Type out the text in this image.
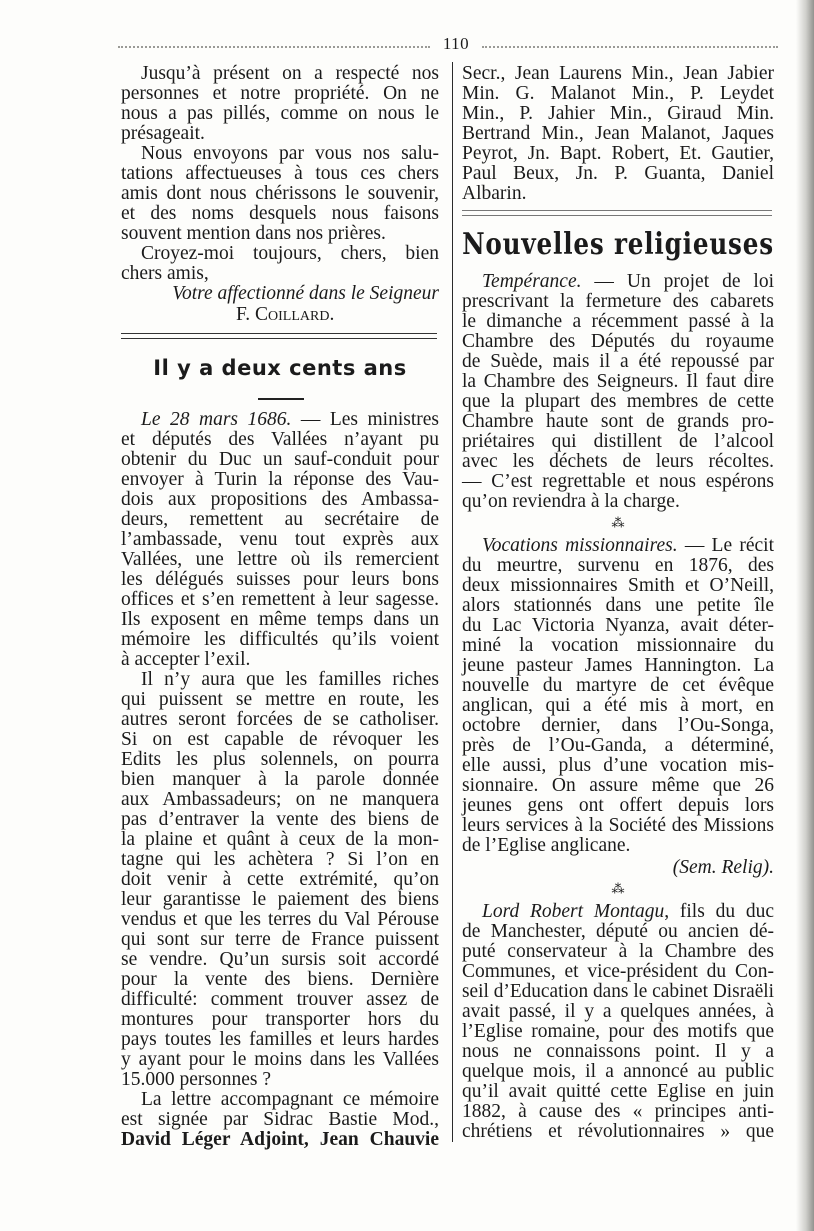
110
Jusqu’à présent on a respecté nos
personnes et notre propriété. On ne
nous a pas pillés, comme on nous le
présageait.
Nous envoyons par vous nos salu-
tations affectueuses à tous ces chers
amis dont nous chérissons le souvenir,
et des noms desquels nous faisons
souvent mention dans nos prières.
Croyez-moi toujours, chers, bien
chers amis,
Votre affectionné dans le Seigneur
F. Coillard.
Il y a deux cents ans
Le 28 mars 1686. — Les ministres
et députés des Vallées n’ayant pu
obtenir du Duc un sauf-conduit pour
envoyer à Turin la réponse des Vau-
dois aux propositions des Ambassa-
deurs, remettent au secrétaire de
l’ambassade, venu tout exprès aux
Vallées, une lettre où ils remercient
les délégués suisses pour leurs bons
offices et s’en remettent à leur sagesse.
Ils exposent en même temps dans un
mémoire les difficultés qu’ils voient
à accepter l’exil.
Il n’y aura que les familles riches
qui puissent se mettre en route, les
autres seront forcées de se catholiser.
Si on est capable de révoquer les
Edits les plus solennels, on pourra
bien manquer à la parole donnée
aux Ambassadeurs; on ne manquera
pas d’entraver la vente des biens de
la plaine et quânt à ceux de la mon-
tagne qui les achètera ? Si l’on en
doit venir à cette extrémité, qu’on
leur garantisse le paiement des biens
vendus et que les terres du Val Pérouse
qui sont sur terre de France puissent
se vendre. Qu’un sursis soit accordé
pour la vente des biens. Dernière
difficulté: comment trouver assez de
montures pour transporter hors du
pays toutes les familles et leurs hardes
y ayant pour le moins dans les Vallées
15.000 personnes ?
La lettre accompagnant ce mémoire
est signée par Sidrac Bastie Mod.,
David Léger Adjoint, Jean Chauvie
Secr., Jean Laurens Min., Jean Jabier
Min. G. Malanot Min., P. Leydet
Min., P. Jahier Min., Giraud Min.
Bertrand Min., Jean Malanot, Jaques
Peyrot, Jn. Bapt. Robert, Et. Gautier,
Paul Beux, Jn. P. Guanta, Daniel
Albarin.
Nouvelles religieuses
Tempérance. — Un projet de loi
prescrivant la fermeture des cabarets
le dimanche a récemment passé à la
Chambre des Députés du royaume
de Suède, mais il a été repoussé par
la Chambre des Seigneurs. Il faut dire
que la plupart des membres de cette
Chambre haute sont de grands pro-
priétaires qui distillent de l’alcool
avec les déchets de leurs récoltes.
— C’est regrettable et nous espérons
qu’on reviendra à la charge.
⁂
Vocations missionnaires. — Le récit
du meurtre, survenu en 1876, des
deux missionnaires Smith et O’Neill,
alors stationnés dans une petite île
du Lac Victoria Nyanza, avait déter-
miné la vocation missionnaire du
jeune pasteur James Hannington. La
nouvelle du martyre de cet évêque
anglican, qui a été mis à mort, en
octobre dernier, dans l’Ou-Songa,
près de l’Ou-Ganda, a déterminé,
elle aussi, plus d’une vocation mis-
sionnaire. On assure même que 26
jeunes gens ont offert depuis lors
leurs services à la Société des Missions
de l’Eglise anglicane.
(Sem. Relig).
⁂
Lord Robert Montagu, fils du duc
de Manchester, député ou ancien dé-
puté conservateur à la Chambre des
Communes, et vice-président du Con-
seil d’Education dans le cabinet Disraëli
avait passé, il y a quelques années, à
l’Eglise romaine, pour des motifs que
nous ne connaissons point. Il y a
quelque mois, il a annoncé au public
qu’il avait quitté cette Eglise en juin
1882, à cause des « principes anti-
chrétiens et révolutionnaires » que
